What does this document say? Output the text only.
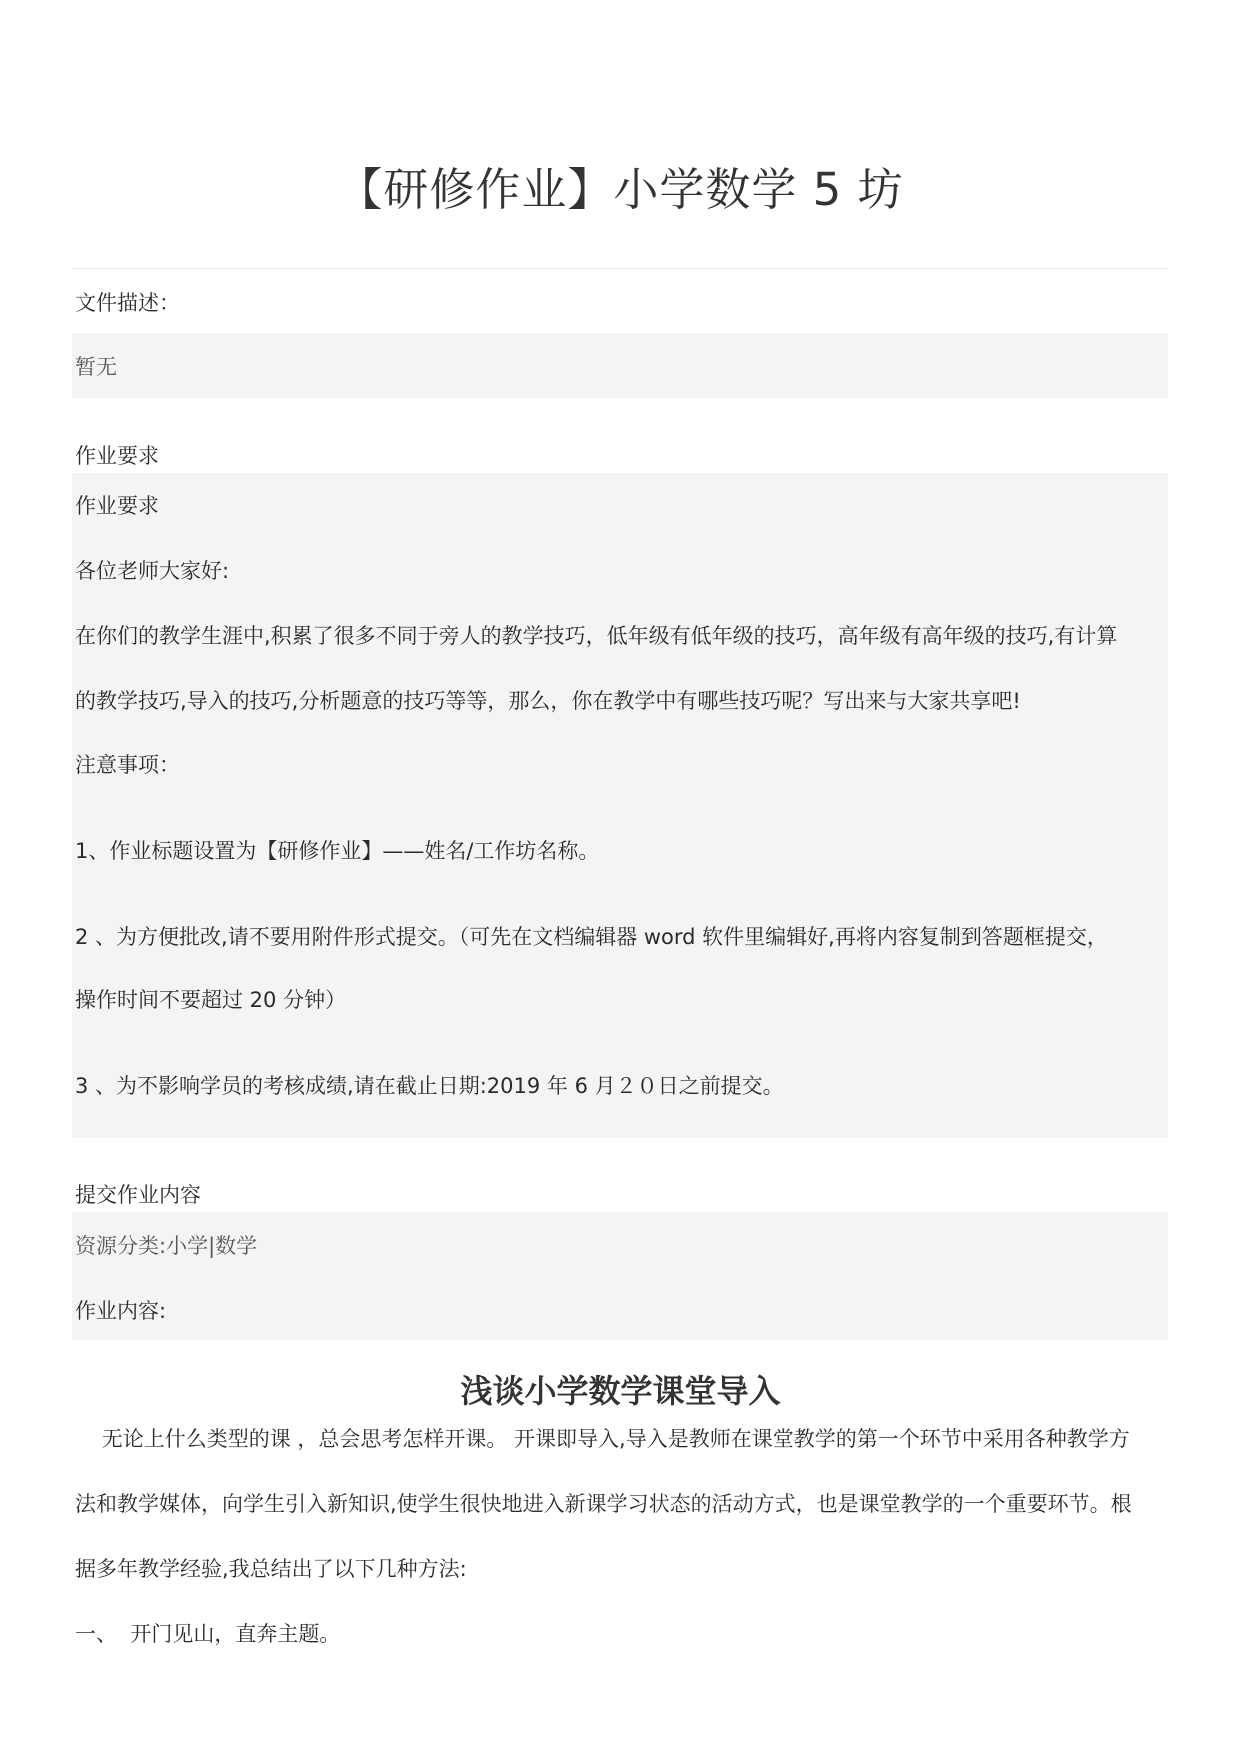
【研修作业】小学数学 5 坊
文件描述：
暂无
作业要求
作业要求
各位老师大家好:
在你们的教学生涯中,积累了很多不同于旁人的教学技巧，低年级有低年级的技巧，高年级有高年级的技巧,有计算
的教学技巧,导入的技巧,分析题意的技巧等等，那么，你在教学中有哪些技巧呢？写出来与大家共享吧!
注意事项：
1、作业标题设置为【研修作业】——姓名/工作坊名称。
2 、为方便批改,请不要用附件形式提交。（可先在文档编辑器 word 软件里编辑好,再将内容复制到答题框提交，
操作时间不要超过 20 分钟）
3 、为不影响学员的考核成绩,请在截止日期:2019 年 6 月２０日之前提交。
提交作业内容
资源分类:小学|数学
作业内容:
浅谈小学数学课堂导入
无论上什么类型的课 ，总会思考怎样开课。 开课即导入,导入是教师在课堂教学的第一个环节中采用各种教学方
法和教学媒体，向学生引入新知识,使学生很快地进入新课学习状态的活动方式，也是课堂教学的一个重要环节。根
据多年教学经验,我总结出了以下几种方法:
一、  开门见山，直奔主题。
